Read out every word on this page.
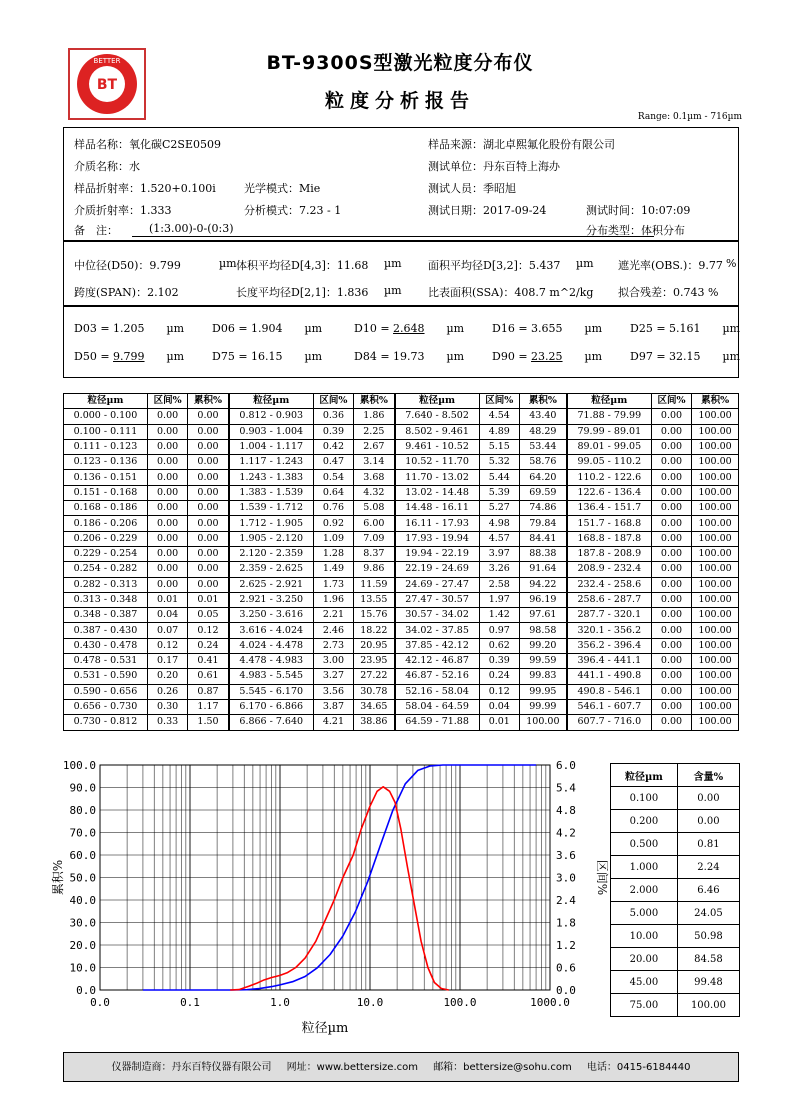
BT
BETTER	BT-9300S型激光粒度分布仪
粒度分析报告
Range: 0.1µm - 716µm
样品名称：氧化碳C2SE0509	样品来源：湖北卓熙氟化股份有限公司
介质名称：水	测试单位：丹东百特上海办
样品折射率：1.520+0.100i	光学模式：Mie	测试人员：季昭旭
介质折射率：1.333	分析模式：7.23 - 1	测试日期：2017-09-24	测试时间：10:07:09
备　注：	(1:3.00)-0-(0:3)	分布类型：体积分布
中位径(D50)：9.799	µm 体积平均径D[4,3]：11.68 µm 面积平均径D[3,2]：5.437 µm 遮光率(OBS.)：9.77 %
跨度(SPAN)：2.102	长度平均径D[2,1]：1.836 µm 比表面积(SSA)：408.7 m^2/kg 拟合残差：0.743 %
D03 = 1.205 µm	D06 = 1.904 µm	D10 = 2.648 µm	D16 = 3.655 µm	D25 = 5.161 µm
D50 = 9.799 µm	D75 = 16.15 µm	D84 = 19.73 µm	D90 = 23.25 µm	D97 = 32.15 µm
粒径µm	区间%	累积%	粒径µm	区间%	累积%	粒径µm	区间%	累积%	粒径µm	区间%	累积%
0.000 - 0.100	0.00	0.00	0.812 - 0.903	0.36	1.86	7.640 - 8.502	4.54	43.40	71.88 - 79.99	0.00	100.00
0.100 - 0.111	0.00	0.00	0.903 - 1.004	0.39	2.25	8.502 - 9.461	4.89	48.29	79.99 - 89.01	0.00	100.00
0.111 - 0.123	0.00	0.00	1.004 - 1.117	0.42	2.67	9.461 - 10.52	5.15	53.44	89.01 - 99.05	0.00	100.00
0.123 - 0.136	0.00	0.00	1.117 - 1.243	0.47	3.14	10.52 - 11.70	5.32	58.76	99.05 - 110.2	0.00	100.00
0.136 - 0.151	0.00	0.00	1.243 - 1.383	0.54	3.68	11.70 - 13.02	5.44	64.20	110.2 - 122.6	0.00	100.00
0.151 - 0.168	0.00	0.00	1.383 - 1.539	0.64	4.32	13.02 - 14.48	5.39	69.59	122.6 - 136.4	0.00	100.00
0.168 - 0.186	0.00	0.00	1.539 - 1.712	0.76	5.08	14.48 - 16.11	5.27	74.86	136.4 - 151.7	0.00	100.00
0.186 - 0.206	0.00	0.00	1.712 - 1.905	0.92	6.00	16.11 - 17.93	4.98	79.84	151.7 - 168.8	0.00	100.00
0.206 - 0.229	0.00	0.00	1.905 - 2.120	1.09	7.09	17.93 - 19.94	4.57	84.41	168.8 - 187.8	0.00	100.00
0.229 - 0.254	0.00	0.00	2.120 - 2.359	1.28	8.37	19.94 - 22.19	3.97	88.38	187.8 - 208.9	0.00	100.00
0.254 - 0.282	0.00	0.00	2.359 - 2.625	1.49	9.86	22.19 - 24.69	3.26	91.64	208.9 - 232.4	0.00	100.00
0.282 - 0.313	0.00	0.00	2.625 - 2.921	1.73	11.59	24.69 - 27.47	2.58	94.22	232.4 - 258.6	0.00	100.00
0.313 - 0.348	0.01	0.01	2.921 - 3.250	1.96	13.55	27.47 - 30.57	1.97	96.19	258.6 - 287.7	0.00	100.00
0.348 - 0.387	0.04	0.05	3.250 - 3.616	2.21	15.76	30.57 - 34.02	1.42	97.61	287.7 - 320.1	0.00	100.00
0.387 - 0.430	0.07	0.12	3.616 - 4.024	2.46	18.22	34.02 - 37.85	0.97	98.58	320.1 - 356.2	0.00	100.00
0.430 - 0.478	0.12	0.24	4.024 - 4.478	2.73	20.95	37.85 - 42.12	0.62	99.20	356.2 - 396.4	0.00	100.00
0.478 - 0.531	0.17	0.41	4.478 - 4.983	3.00	23.95	42.12 - 46.87	0.39	99.59	396.4 - 441.1	0.00	100.00
0.531 - 0.590	0.20	0.61	4.983 - 5.545	3.27	27.22	46.87 - 52.16	0.24	99.83	441.1 - 490.8	0.00	100.00
0.590 - 0.656	0.26	0.87	5.545 - 6.170	3.56	30.78	52.16 - 58.04	0.12	99.95	490.8 - 546.1	0.00	100.00
0.656 - 0.730	0.30	1.17	6.170 - 6.866	3.87	34.65	58.04 - 64.59	0.04	99.99	546.1 - 607.7	0.00	100.00
0.730 - 0.812	0.33	1.50	6.866 - 7.640	4.21	38.86	64.59 - 71.88	0.01	100.00	607.7 - 716.0	0.00	100.00
0.0	0.1	1.0	10.0	100.0	1000.0
0.0
10.0
20.0
30.0
40.0
50.0
60.0
70.0
80.0
90.0
100.0
0.0
0.6
1.2
1.8
2.4
3.0
3.6
4.2
4.8
5.4
6.0
粒径µm
累积%	区间%
粒径µm	含量%
0.100	0.00
0.200	0.00
0.500	0.81
1.000	2.24
2.000	6.46
5.000	24.05
10.00	50.98
20.00	84.58
45.00	99.48
75.00	100.00
仪器制造商：丹东百特仪器有限公司 网址：www.bettersize.com 邮箱：bettersize@sohu.com 电话：0415-6184440
